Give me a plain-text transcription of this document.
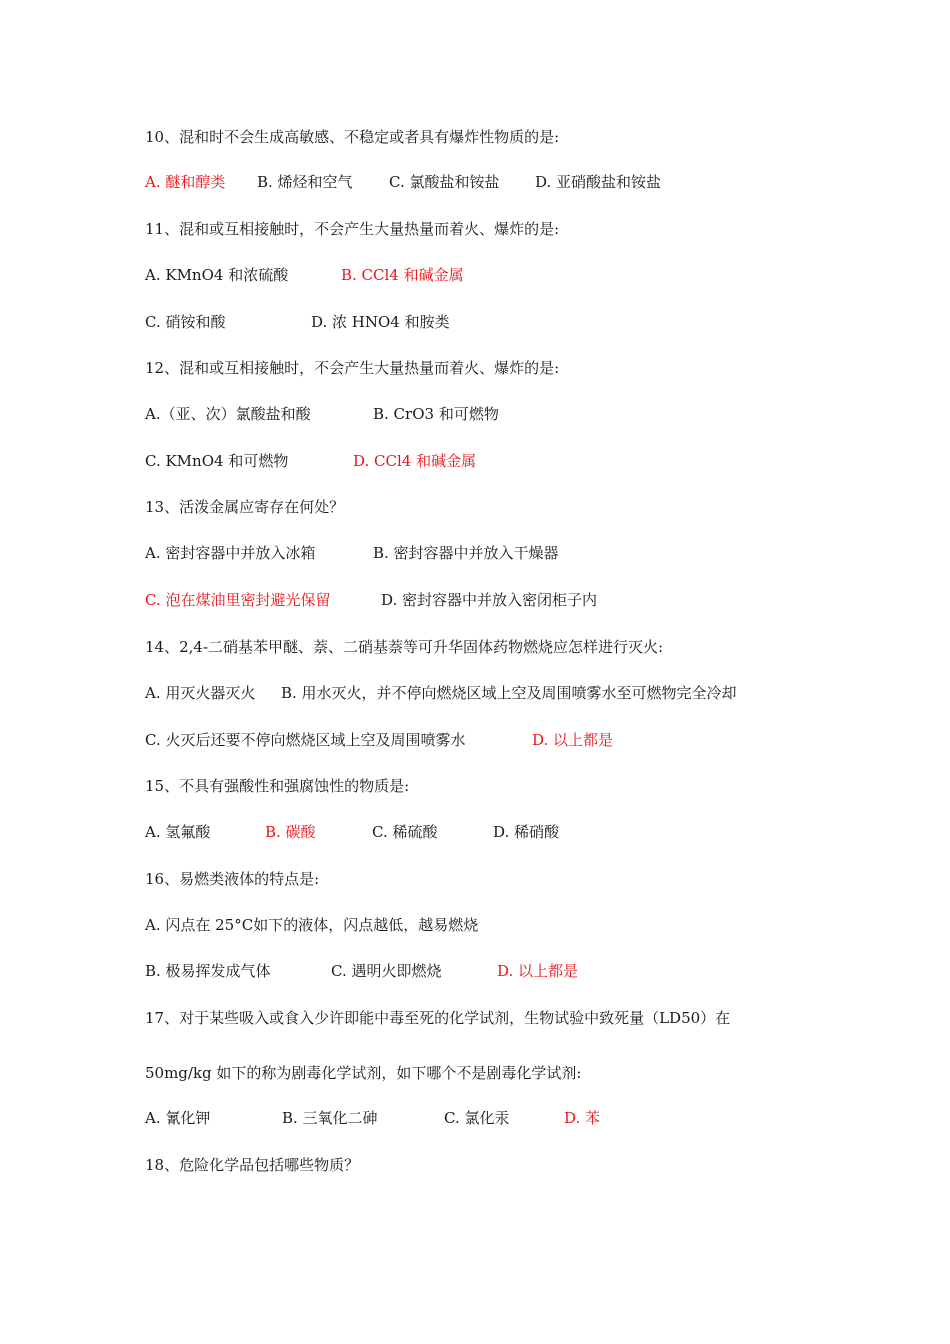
10、混和时不会生成高敏感、不稳定或者具有爆炸性物质的是:
A. 醚和醇类 B. 烯烃和空气 C. 氯酸盐和铵盐 D. 亚硝酸盐和铵盐
11、混和或互相接触时，不会产生大量热量而着火、爆炸的是:
A. KMnO4 和浓硫酸	B. CCl4 和碱金属
C. 硝铵和酸	D. 浓 HNO4 和胺类
12、混和或互相接触时，不会产生大量热量而着火、爆炸的是:
A.（亚、次）氯酸盐和酸	B. CrO3 和可燃物
C. KMnO4 和可燃物	D. CCl4 和碱金属
13、活泼金属应寄存在何处？
A. 密封容器中并放入冰箱	B. 密封容器中并放入干燥器
C. 泡在煤油里密封避光保留	D. 密封容器中并放入密闭柜子内
14、2,4-二硝基苯甲醚、萘、二硝基萘等可升华固体药物燃烧应怎样进行灭火:
A. 用灭火器灭火 B. 用水灭火，并不停向燃烧区域上空及周围喷雾水至可燃物完全冷却
C. 火灭后还要不停向燃烧区域上空及周围喷雾水	D. 以上都是
15、不具有强酸性和强腐蚀性的物质是:
A. 氢氟酸	B. 碳酸	C. 稀硫酸	D. 稀硝酸
16、易燃类液体的特点是:
A. 闪点在 25°C如下的液体，闪点越低，越易燃烧
B. 极易挥发成气体	C. 遇明火即燃烧	D. 以上都是
17、对于某些吸入或食入少许即能中毒至死的化学试剂，生物试验中致死量（LD50）在
50mg/kg 如下的称为剧毒化学试剂，如下哪个不是剧毒化学试剂:
A. 氰化钾	B. 三氧化二砷	C. 氯化汞	D. 苯
18、危险化学品包括哪些物质？
